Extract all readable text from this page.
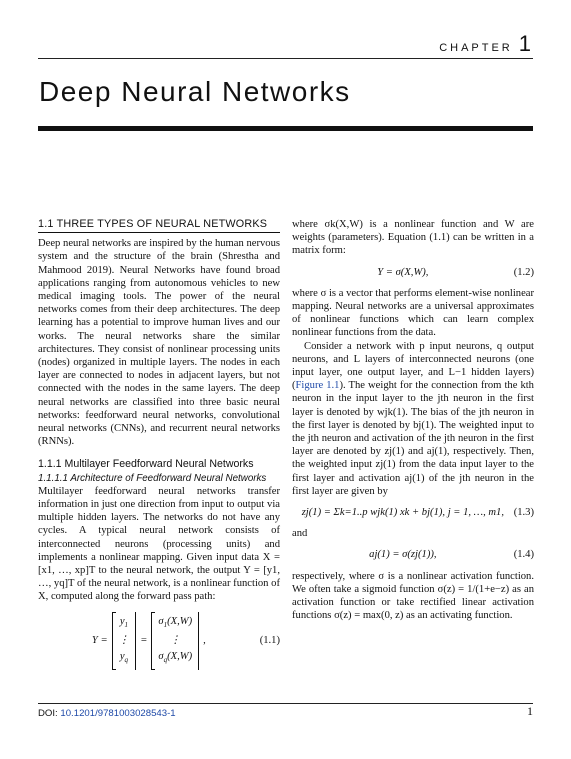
CHAPTER 1
Deep Neural Networks
1.1 THREE TYPES OF NEURAL NETWORKS

Deep neural networks are inspired by the human nervous system and the structure of the brain (Shrestha and Mahmood 2019). Neural Networks have found broad applications ranging from autonomous vehicles to new medical imaging tools. The power of the neural networks comes from their deep architectures. The deep learning has a potential to improve human lives and our works. The neural networks share the similar architectures. They consist of nonlinear processing units (nodes) organized in multiple layers. The nodes in each layer are connected to nodes in adjacent layers, but not connected with the nodes in the same layers. The deep neural networks are classified into three basic neural networks: feedforward neural networks, convolutional neural networks (CNNs), and recurrent neural networks (RNNs).

1.1.1 Multilayer Feedforward Neural Networks
1.1.1.1 Architecture of Feedforward Neural Networks

Multilayer feedforward neural networks transfer information in just one direction from input to output via multiple hidden layers. The networks do not have any cycles. A typical neural network consists of interconnected neurons (processing units) and implements a nonlinear mapping. Given input data X = [x1, …, xp]T to the neural network, the output Y = [y1, …, yq]T of the neural network, is a nonlinear function of X, computed along the forward pass path:

Y =
$y_1$
⋮
$y_q$
=
$\sigma_1(X,W)$
⋮
$\sigma_q(X,W)$
,	(1.1)

where σk(X,W) is a nonlinear function and W are weights (parameters). Equation (1.1) can be written in a matrix form:

Y = σ(X,W),	(1.2)

where σ is a vector that performs element-wise nonlinear mapping. Neural networks are a universal approximates of nonlinear functions which can learn complex nonlinear functions from the data.

Consider a network with p input neurons, q output neurons, and L layers of interconnected neurons (one input layer, one output layer, and L−1 hidden layers) (Figure 1.1). The weight for the connection from the kth neuron in the input layer to the jth neuron in the first layer is denoted by wjk(1). The bias of the jth neuron in the first layer is denoted by bj(1). The weighted input to the jth neuron and activation of the jth neuron in the first layer are denoted by zj(1) and aj(1), respectively. Then, the weighted input zj(1) from the data input layer to the first layer and activation aj(1) of the jth neuron in the first layer are given by

zj(1) = Σk=1..p wjk(1) xk + bj(1), j = 1, …, m1, (1.3)

and

aj(1) = σ(zj(1)),	(1.4)

respectively, where σ is a nonlinear activation function. We often take a sigmoid function σ(z) = 1/(1+e−z) as an activation function or take rectified linear activation functions σ(z) = max(0, z) as an activating function.

DOI: 10.1201/9781003028543-1	1
